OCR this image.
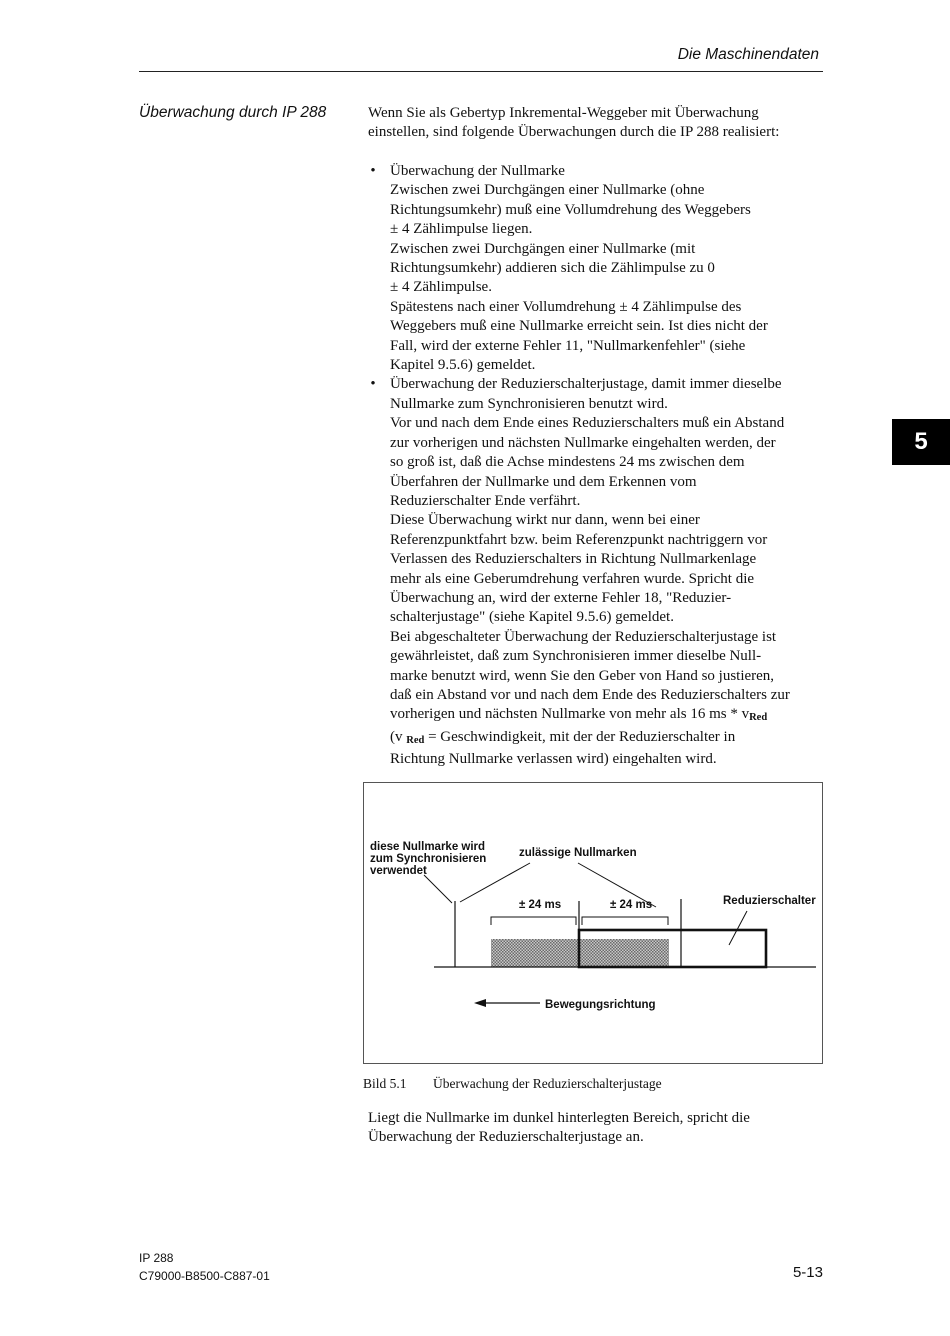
Die Maschinendaten
Überwachung durch IP 288	Wenn Sie als Gebertyp Inkremental-Weggeber mit Überwachung
einstellen, sind folgende Überwachungen durch die IP 288 realisiert:
• Überwachung der Nullmarke
Zwischen zwei Durchgängen einer Nullmarke (ohne
Richtungsumkehr) muß eine Vollumdrehung des Weggebers
± 4 Zählimpulse liegen.
Zwischen zwei Durchgängen einer Nullmarke (mit
Richtungsumkehr) addieren sich die Zählimpulse zu 0
± 4 Zählimpulse.
Spätestens nach einer Vollumdrehung ± 4 Zählimpulse des
Weggebers muß eine Nullmarke erreicht sein. Ist dies nicht der
Fall, wird der externe Fehler 11, "Nullmarkenfehler" (siehe
Kapitel 9.5.6) gemeldet.
• Überwachung der Reduzierschalterjustage, damit immer dieselbe
Nullmarke zum Synchronisieren benutzt wird.
Vor und nach dem Ende eines Reduzierschalters muß ein Abstand
zur vorherigen und nächsten Nullmarke eingehalten werden, der
so groß ist, daß die Achse mindestens 24 ms zwischen dem
Überfahren der Nullmarke und dem Erkennen vom
Reduzierschalter Ende verfährt.
Diese Überwachung wirkt nur dann, wenn bei einer
Referenzpunktfahrt bzw. beim Referenzpunkt nachtriggern vor
Verlassen des Reduzierschalters in Richtung Nullmarkenlage
mehr als eine Geberumdrehung verfahren wurde. Spricht die
Überwachung an, wird der externe Fehler 18, "Reduzier-
schalterjustage" (siehe Kapitel 9.5.6) gemeldet.
Bei abgeschalteter Überwachung der Reduzierschalterjustage ist
gewährleistet, daß zum Synchronisieren immer dieselbe Null-
marke benutzt wird, wenn Sie den Geber von Hand so justieren,
daß ein Abstand vor und nach dem Ende des Reduzierschalters zur
vorherigen und nächsten Nullmarke von mehr als 16 ms * $v_{Red}$
(v $_{Red}$ = Geschwindigkeit, mit der der Reduzierschalter in
Richtung Nullmarke verlassen wird) eingehalten wird.
5
diese Nullmarke wird
zum Synchronisieren
verwendet
zulässige Nullmarken
± 24 ms	± 24 ms	Reduzierschalter
Bewegungsrichtung
Bild 5.1 Überwachung der Reduzierschalterjustage
Liegt die Nullmarke im dunkel hinterlegten Bereich, spricht die
Überwachung der Reduzierschalterjustage an.
IP 288
C79000-B8500-C887-01	5-13
